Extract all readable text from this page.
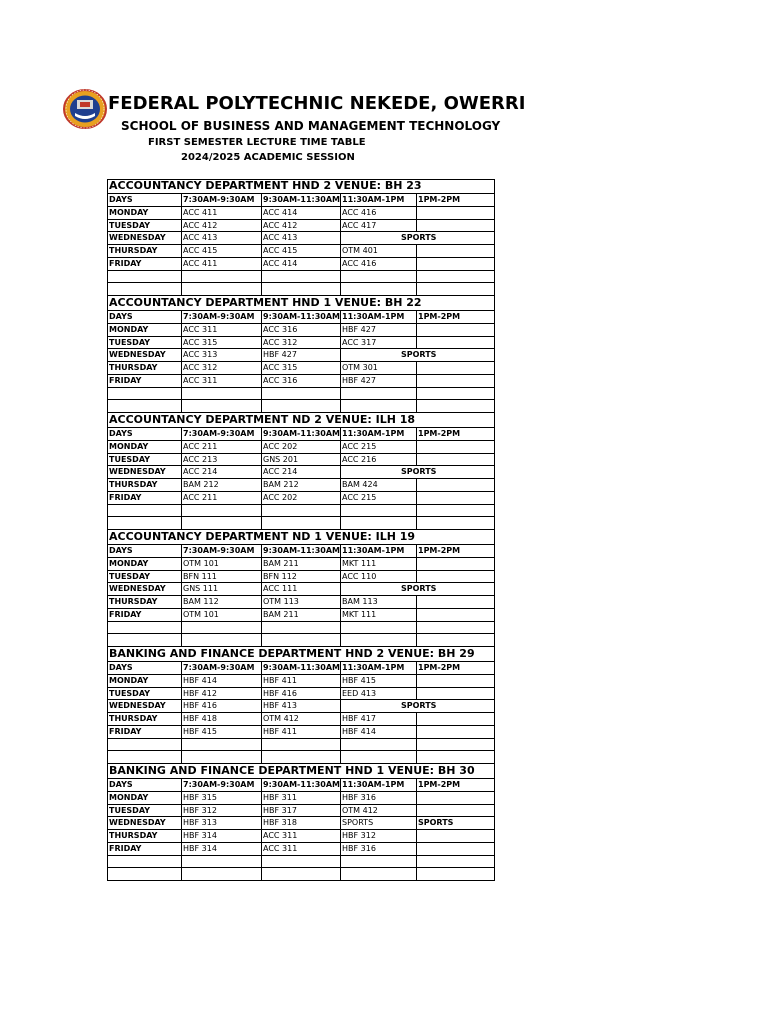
FEDERAL POLYTECHNIC NEKEDE, OWERRI
SCHOOL OF BUSINESS AND MANAGEMENT TECHNOLOGY
FIRST SEMESTER LECTURE TIME TABLE
2024/2025 ACADEMIC SESSION
ACCOUNTANCY DEPARTMENT HND 2 VENUE: BH 23
DAYS	7:30AM-9:30AM	9:30AM-11:30AM 11:30AM-1PM	1PM-2PM
MONDAY	ACC 411	ACC 414	ACC 416
TUESDAY	ACC 412	ACC 412	ACC 417
WEDNESDAY	ACC 413	ACC 413	SPORTS
THURSDAY	ACC 415	ACC 415	OTM 401
FRIDAY	ACC 411	ACC 414	ACC 416
ACCOUNTANCY DEPARTMENT HND 1 VENUE: BH 22
DAYS	7:30AM-9:30AM	9:30AM-11:30AM 11:30AM-1PM	1PM-2PM
MONDAY	ACC 311	ACC 316	HBF 427
TUESDAY	ACC 315	ACC 312	ACC 317
WEDNESDAY	ACC 313	HBF 427	SPORTS
THURSDAY	ACC 312	ACC 315	OTM 301
FRIDAY	ACC 311	ACC 316	HBF 427
ACCOUNTANCY DEPARTMENT ND 2 VENUE: ILH 18
DAYS	7:30AM-9:30AM	9:30AM-11:30AM 11:30AM-1PM	1PM-2PM
MONDAY	ACC 211	ACC 202	ACC 215
TUESDAY	ACC 213	GNS 201	ACC 216
WEDNESDAY	ACC 214	ACC 214	SPORTS
THURSDAY	BAM 212	BAM 212	BAM 424
FRIDAY	ACC 211	ACC 202	ACC 215
ACCOUNTANCY DEPARTMENT ND 1 VENUE: ILH 19
DAYS	7:30AM-9:30AM	9:30AM-11:30AM 11:30AM-1PM	1PM-2PM
MONDAY	OTM 101	BAM 211	MKT 111
TUESDAY	BFN 111	BFN 112	ACC 110
WEDNESDAY	GNS 111	ACC 111	SPORTS
THURSDAY	BAM 112	OTM 113	BAM 113
FRIDAY	OTM 101	BAM 211	MKT 111
BANKING AND FINANCE DEPARTMENT HND 2 VENUE: BH 29
DAYS	7:30AM-9:30AM	9:30AM-11:30AM 11:30AM-1PM	1PM-2PM
MONDAY	HBF 414	HBF 411	HBF 415
TUESDAY	HBF 412	HBF 416	EED 413
WEDNESDAY	HBF 416	HBF 413	SPORTS
THURSDAY	HBF 418	OTM 412	HBF 417
FRIDAY	HBF 415	HBF 411	HBF 414
BANKING AND FINANCE DEPARTMENT HND 1 VENUE: BH 30
DAYS	7:30AM-9:30AM	9:30AM-11:30AM 11:30AM-1PM	1PM-2PM
MONDAY	HBF 315	HBF 311	HBF 316
TUESDAY	HBF 312	HBF 317	OTM 412
WEDNESDAY	HBF 313	HBF 318	SPORTS	SPORTS
THURSDAY	HBF 314	ACC 311	HBF 312
FRIDAY	HBF 314	ACC 311	HBF 316
